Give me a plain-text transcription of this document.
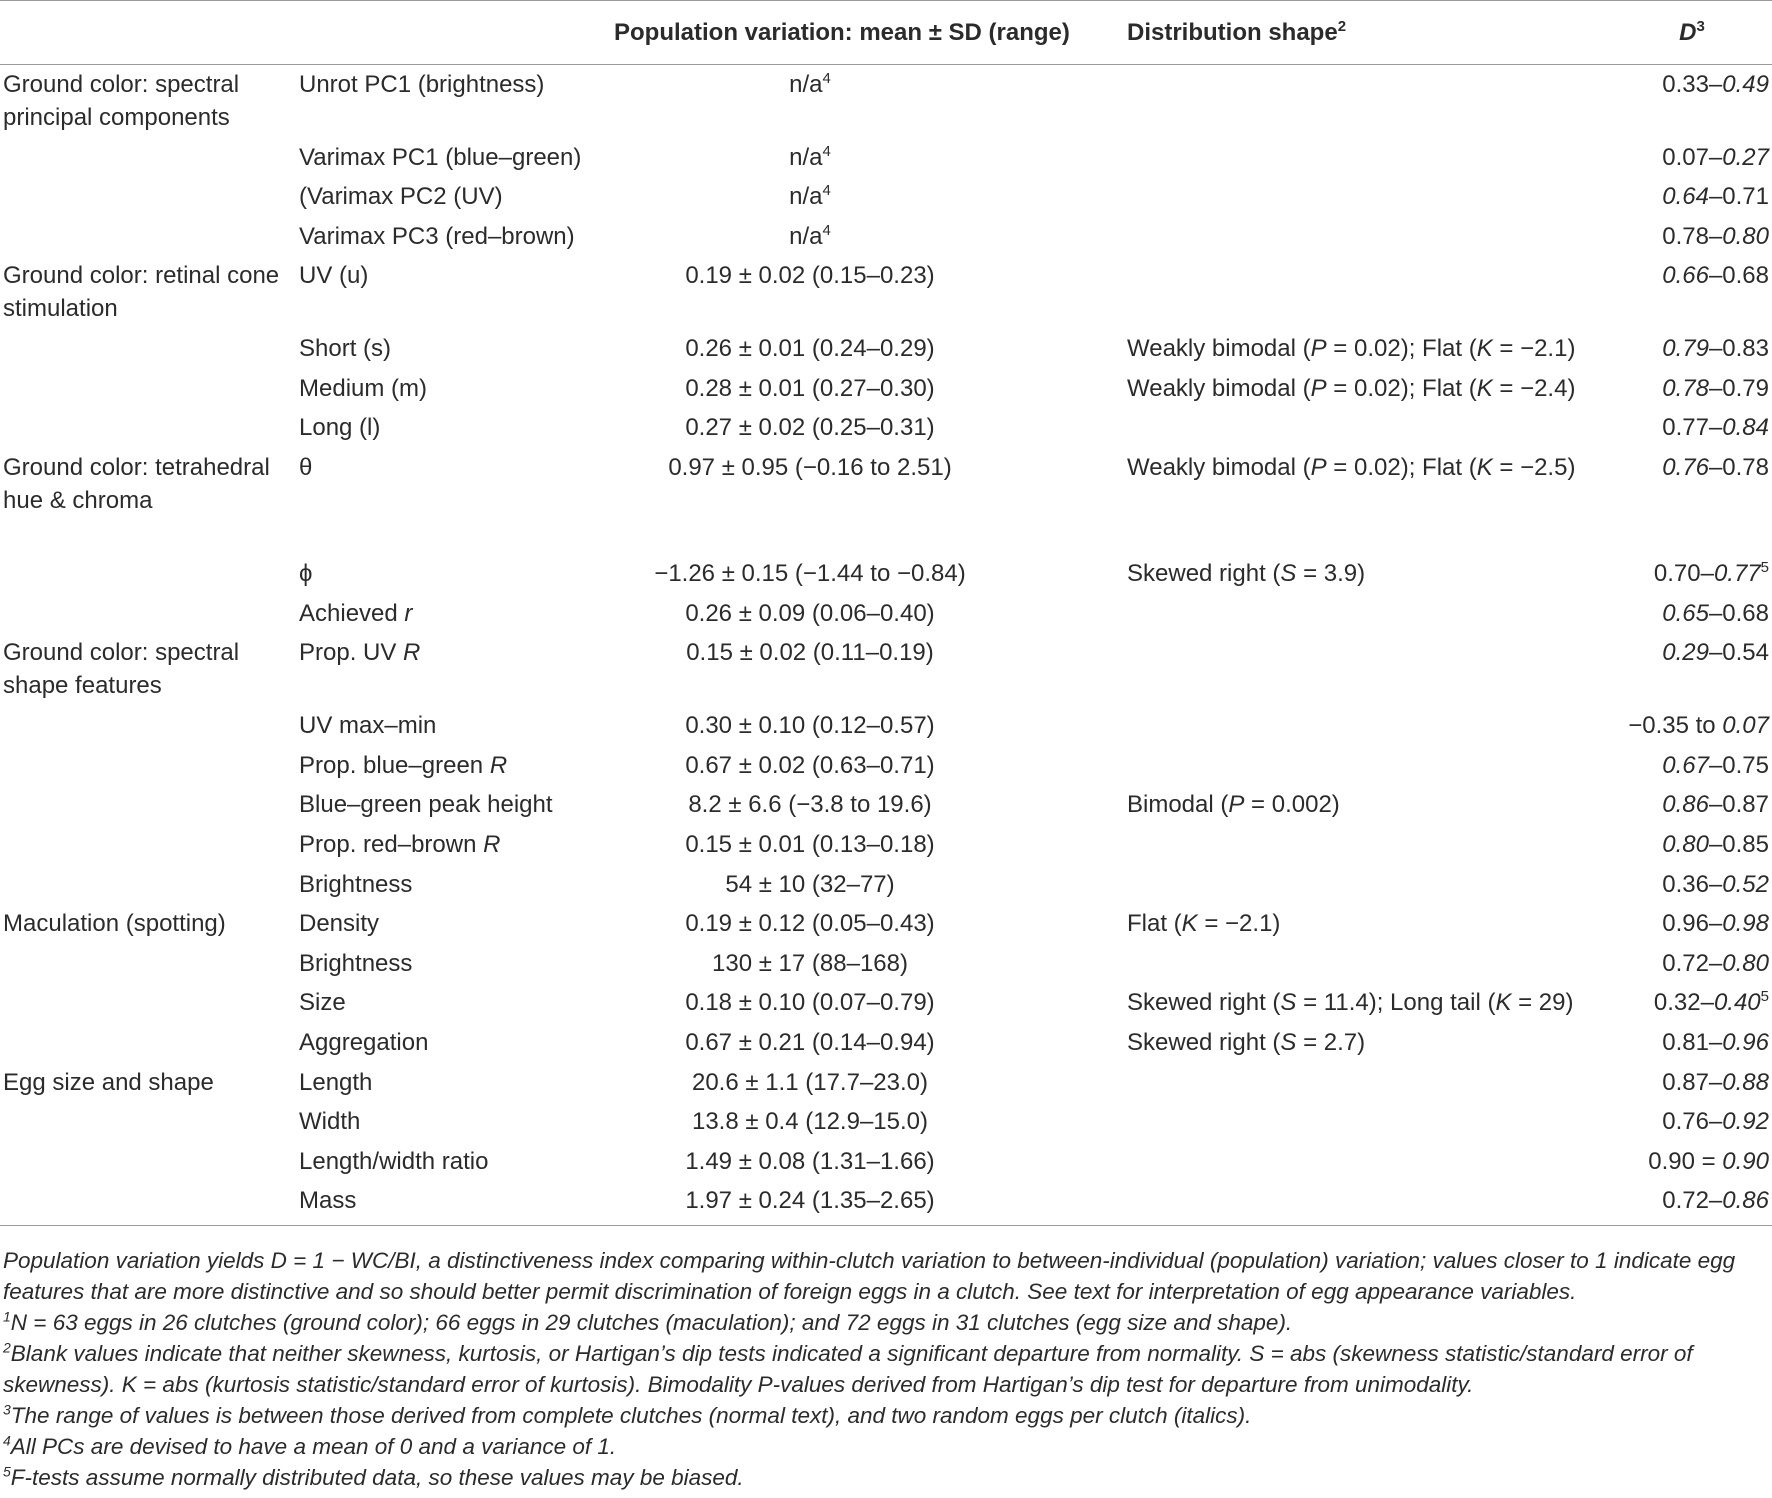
		Population variation: mean ± SD (range)	Distribution shape$^2$	$D^3$
Ground color: spectral principal components	Unrot PC1 (brightness)	$n/a^4$		0.33–0.49
	Varimax PC1 (blue–green)	$n/a^4$		0.07–0.27
	(Varimax PC2 (UV)	$n/a^4$		0.64–0.71
	Varimax PC3 (red–brown)	$n/a^4$		0.78–0.80
Ground color: retinal cone stimulation	UV (u)	0.19 ± 0.02 (0.15–0.23)		0.66–0.68
	Short (s)	0.26 ± 0.01 (0.24–0.29)	Weakly bimodal (P = 0.02); Flat (K = −2.1)	0.79–0.83
	Medium (m)	0.28 ± 0.01 (0.27–0.30)	Weakly bimodal (P = 0.02); Flat (K = −2.4)	0.78–0.79
	Long (l)	0.27 ± 0.02 (0.25–0.31)		0.77–0.84
Ground color: tetrahedral hue & chroma	θ	0.97 ± 0.95 (−0.16 to 2.51)	Weakly bimodal (P = 0.02); Flat (K = −2.5)	0.76–0.78
	ϕ	−1.26 ± 0.15 (−1.44 to −0.84)	Skewed right (S = 3.9)	0.70–0.77$^5$
	Achieved r	0.26 ± 0.09 (0.06–0.40)		0.65–0.68
Ground color: spectral shape features	Prop. UV R	0.15 ± 0.02 (0.11–0.19)		0.29–0.54
	UV max–min	0.30 ± 0.10 (0.12–0.57)		−0.35 to 0.07
	Prop. blue–green R	0.67 ± 0.02 (0.63–0.71)		0.67–0.75
	Blue–green peak height	8.2 ± 6.6 (−3.8 to 19.6)	Bimodal (P = 0.002)	0.86–0.87
	Prop. red–brown R	0.15 ± 0.01 (0.13–0.18)		0.80–0.85
	Brightness	54 ± 10 (32–77)		0.36–0.52
Maculation (spotting)	Density	0.19 ± 0.12 (0.05–0.43)	Flat (K = −2.1)	0.96–0.98
	Brightness	130 ± 17 (88–168)		0.72–0.80
	Size	0.18 ± 0.10 (0.07–0.79)	Skewed right (S = 11.4); Long tail (K = 29)	0.32–0.40$^5$
	Aggregation	0.67 ± 0.21 (0.14–0.94)	Skewed right (S = 2.7)	0.81–0.96
Egg size and shape	Length	20.6 ± 1.1 (17.7–23.0)		0.87–0.88
	Width	13.8 ± 0.4 (12.9–15.0)		0.76–0.92
	Length/width ratio	1.49 ± 0.08 (1.31–1.66)		0.90 = 0.90
	Mass	1.97 ± 0.24 (1.35–2.65)		0.72–0.86

Population variation yields D = 1 − WC/BI, a distinctiveness index comparing within-clutch variation to between-individual (population) variation; values closer to 1 indicate egg features that are more distinctive and so should better permit discrimination of foreign eggs in a clutch. See text for interpretation of egg appearance variables.

$^1$N = 63 eggs in 26 clutches (ground color); 66 eggs in 29 clutches (maculation); and 72 eggs in 31 clutches (egg size and shape).

$^2$Blank values indicate that neither skewness, kurtosis, or Hartigan’s dip tests indicated a significant departure from normality. S = abs (skewness statistic/standard error of skewness). K = abs (kurtosis statistic/standard error of kurtosis). Bimodality P-values derived from Hartigan’s dip test for departure from unimodality.

$^3$The range of values is between those derived from complete clutches (normal text), and two random eggs per clutch (italics).

$^4$All PCs are devised to have a mean of 0 and a variance of 1.

$^5$F-tests assume normally distributed data, so these values may be biased.
